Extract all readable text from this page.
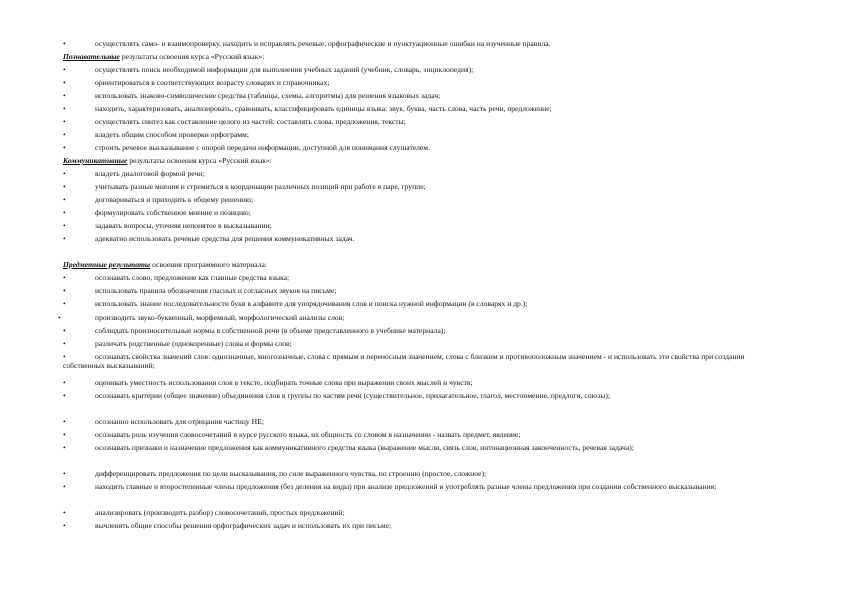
•	осуществлять само- и взаимопроверку, находить и исправлять речевые, орфографические и пунктуационные ошибки на изученные правила.
Познавательные результаты освоения курса «Русский язык»:
•	осуществлять поиск необходимой информации для выполнения учебных заданий (учебник, словарь, энциклопедия);
•	ориентироваться в соответствующих возрасту словарях и справочниках;
•	использовать знаково-символические средства (таблицы, схемы, алгоритмы) для решения языковых задач;
•	находить, характеризовать, анализировать, сравнивать, классифицировать единицы языка: звук, буква, часть слова, часть речи, предложение;
•	осуществлять синтез как составление целого из частей: составлять слова, предложения, тексты;
•	владеть общим способом проверки орфограмм;
•	строить речевое высказывание с опорой передачи информации, доступной для понимания слушателем.
Коммуникативные результаты освоения курса «Русский язык»:
•	владеть диалоговой формой речи;
•	учитывать разные мнения и стремиться к координации различных позиций при работе в паре, группе;
•	договариваться и приходить к общему решению;
•	формулировать собственное мнение и позицию;
•	задавать вопросы, уточняя непонятое в высказывании;
•	адекватно использовать речевые средства для решения коммуникативных задач.
Предметные результаты освоения программного материала:
•	осознавать слово, предложение как главные средства языка;
•	использовать правила обозначения гласных и согласных звуков на письме;
•	использовать знание последовательности букв в алфавите для упорядочивания слов и поиска нужной информации (в словарях и др.);
•	производить звуко-буквенный, морфемный, морфологический анализы слов;
•	соблюдать произносительные нормы в собственной речи (в объеме представленного в учебнике материала);
•	различать родственные (однокоренные) слова и формы слов;
•	осознавать свойства значений слов: однозначные, многозначные, слова с прямым и переносным значением, слова с близким и противоположным значением - и использовать эти свойства при создании собственных высказываний;
•	оценивать уместность использования слов в тексте, подбирать точные слова при выражении своих мыслей и чувств;
•	осознавать критерии (общее значение) объединения слов в группы по частям речи (существительное, прилагательное, глагол, местоимение, предлоги, союзы);
•	осознанно использовать для отрицания частицу НЕ;
•	осознавать роль изучения словосочетаний в курсе русского языка, их общность со словом в назначении - назвать предмет, явление;
•	осознавать признаки и назначение предложения как коммуникативного средства языка (выражение мысли, связь слов, интонационная законченность, речевая задача);
•	дифференцировать предложения по цели высказывания, по силе выраженного чувства, по строению (простое, сложное);
•	находить главные и второстепенные члены предложения (без деления на виды) при анализе предложений и употреблять разные члены предложения при создании собственного высказывания;
•	анализировать (производить разбор) словосочетаний, простых предложений;
•	вычленять общие способы решения орфографических задач и использовать их при письме;
